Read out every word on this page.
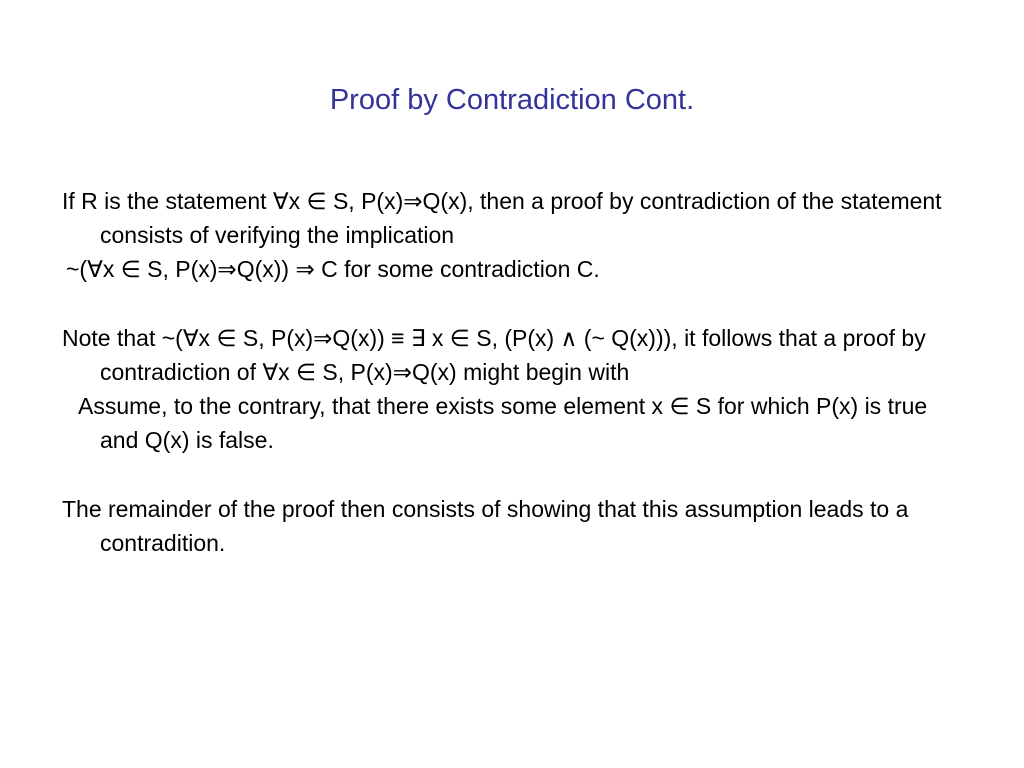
Proof by Contradiction Cont.
If R is the statement ∀x ∈ S, P(x)⇒Q(x), then a proof by contradiction of the statement consists of verifying the implication
~(∀x ∈ S, P(x)⇒Q(x)) ⇒ C for some contradiction C.
Note that ~(∀x ∈ S, P(x)⇒Q(x)) ≡ ∃ x ∈ S, (P(x) ∧ (~ Q(x))), it follows that a proof by contradiction of ∀x ∈ S, P(x)⇒Q(x) might begin with
Assume, to the contrary, that there exists some element x ∈ S for which P(x) is true and Q(x) is false.
The remainder of the proof then consists of showing that this assumption leads to a contradition.
